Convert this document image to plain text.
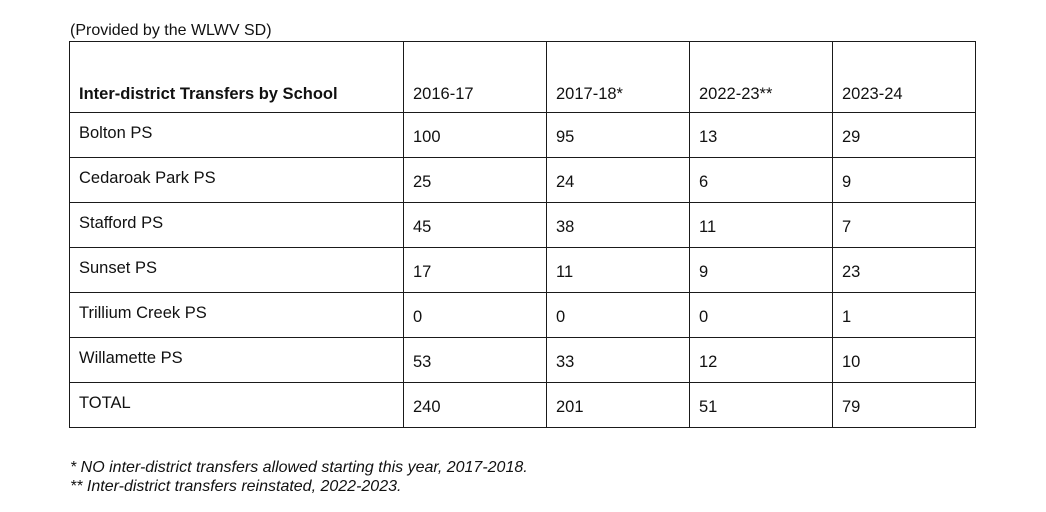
(Provided by the WLWV SD)
Inter-district Transfers by School	2016-17	2017-18*	2022-23**	2023-24
Bolton PS	100	95	13	29
Cedaroak Park PS	25	24	6	9
Stafford PS	45	38	11	7
Sunset PS	17	11	9	23
Trillium Creek PS	0	0	0	1
Willamette PS	53	33	12	10
TOTAL	240	201	51	79
* NO inter-district transfers allowed starting this year, 2017-2018.
** Inter-district transfers reinstated, 2022-2023.
